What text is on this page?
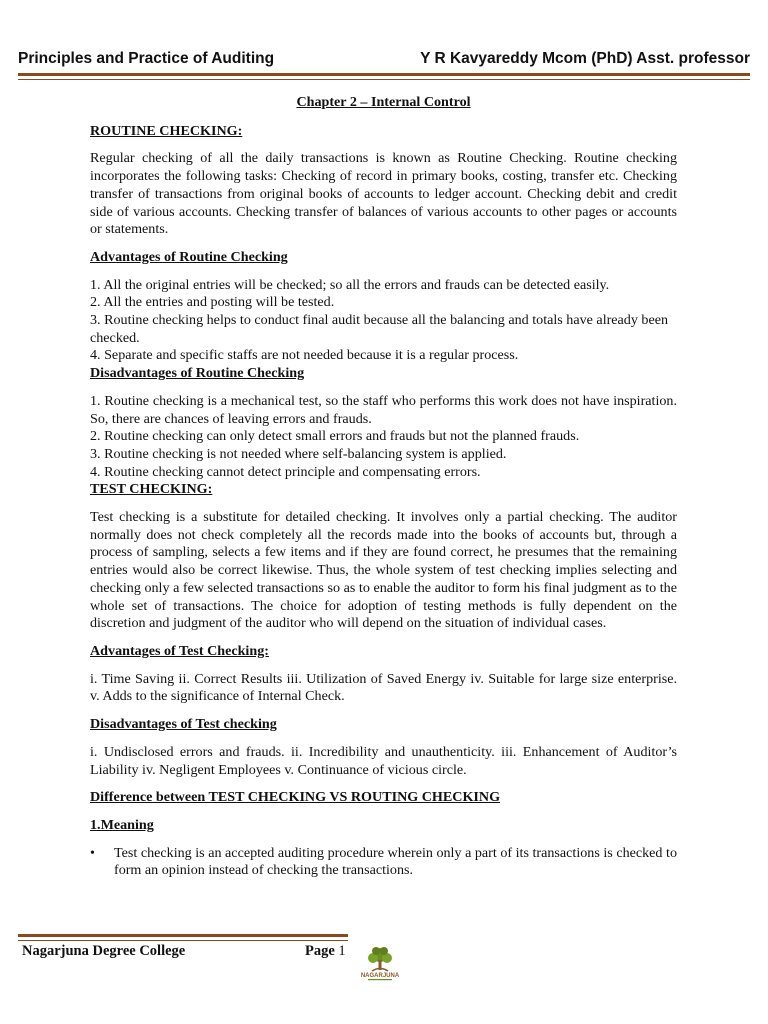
Principles and Practice of Auditing	Y R Kavyareddy Mcom (PhD) Asst. professor
Chapter 2 – Internal Control
ROUTINE CHECKING:
Regular checking of all the daily transactions is known as Routine Checking. Routine checking incorporates the following tasks: Checking of record in primary books, costing, transfer etc. Checking transfer of transactions from original books of accounts to ledger account. Checking debit and credit side of various accounts. Checking transfer of balances of various accounts to other pages or accounts or statements.
Advantages of Routine Checking
1. All the original entries will be checked; so all the errors and frauds can be detected easily.
2. All the entries and posting will be tested.
3. Routine checking helps to conduct final audit because all the balancing and totals have already been checked.
4. Separate and specific staffs are not needed because it is a regular process.
Disadvantages of Routine Checking
1. Routine checking is a mechanical test, so the staff who performs this work does not have inspiration. So, there are chances of leaving errors and frauds.
2. Routine checking can only detect small errors and frauds but not the planned frauds.
3. Routine checking is not needed where self-balancing system is applied.
4. Routine checking cannot detect principle and compensating errors.
TEST CHECKING:
Test checking is a substitute for detailed checking. It involves only a partial checking. The auditor normally does not check completely all the records made into the books of accounts but, through a process of sampling, selects a few items and if they are found correct, he presumes that the remaining entries would also be correct likewise. Thus, the whole system of test checking implies selecting and checking only a few selected transactions so as to enable the auditor to form his final judgment as to the whole set of transactions. The choice for adoption of testing methods is fully dependent on the discretion and judgment of the auditor who will depend on the situation of individual cases.
Advantages of Test Checking:
i. Time Saving ii. Correct Results iii. Utilization of Saved Energy iv. Suitable for large size enterprise. v. Adds to the significance of Internal Check.
Disadvantages of Test checking
i. Undisclosed errors and frauds. ii. Incredibility and unauthenticity. iii. Enhancement of Auditor’s Liability iv. Negligent Employees v. Continuance of vicious circle.
Difference between TEST CHECKING VS ROUTING CHECKING
1.Meaning
•	Test checking is an accepted auditing procedure wherein only a part of its transactions is checked to form an opinion instead of checking the transactions.
Nagarjuna Degree College	Page 1
NAGARJUNA
